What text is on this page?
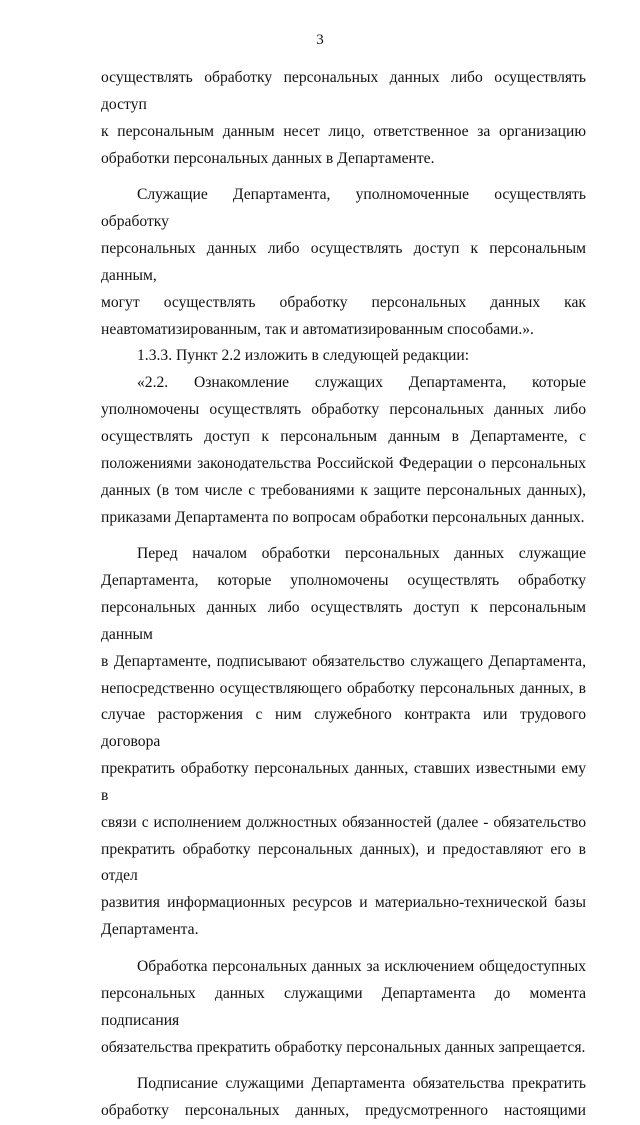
3

осуществлять обработку персональных данных либо осуществлять доступ

к персональным данным несет лицо, ответственное за организацию

обработки персональных данных в Департаменте.

Служащие Департамента, уполномоченные осуществлять обработку

персональных данных либо осуществлять доступ к персональным данным,

могут осуществлять обработку персональных данных как

неавтоматизированным, так и автоматизированным способами.».

1.3.3. Пункт 2.2 изложить в следующей редакции:

«2.2. Ознакомление служащих Департамента, которые

уполномочены осуществлять обработку персональных данных либо

осуществлять доступ к персональным данным в Департаменте, с

положениями законодательства Российской Федерации о персональных

данных (в том числе с требованиями к защите персональных данных),

приказами Департамента по вопросам обработки персональных данных.

Перед началом обработки персональных данных служащие

Департамента, которые уполномочены осуществлять обработку

персональных данных либо осуществлять доступ к персональным данным

в Департаменте, подписывают обязательство служащего Департамента,

непосредственно осуществляющего обработку персональных данных, в

случае расторжения с ним служебного контракта или трудового договора

прекратить обработку персональных данных, ставших известными ему в

связи с исполнением должностных обязанностей (далее - обязательство

прекратить обработку персональных данных), и предоставляют его в отдел

развития информационных ресурсов и материально-технической базы

Департамента.

Обработка персональных данных за исключением общедоступных

персональных данных служащими Департамента до момента подписания

обязательства прекратить обработку персональных данных запрещается.

Подписание служащими Департамента обязательства прекратить

обработку персональных данных, предусмотренного настоящими
